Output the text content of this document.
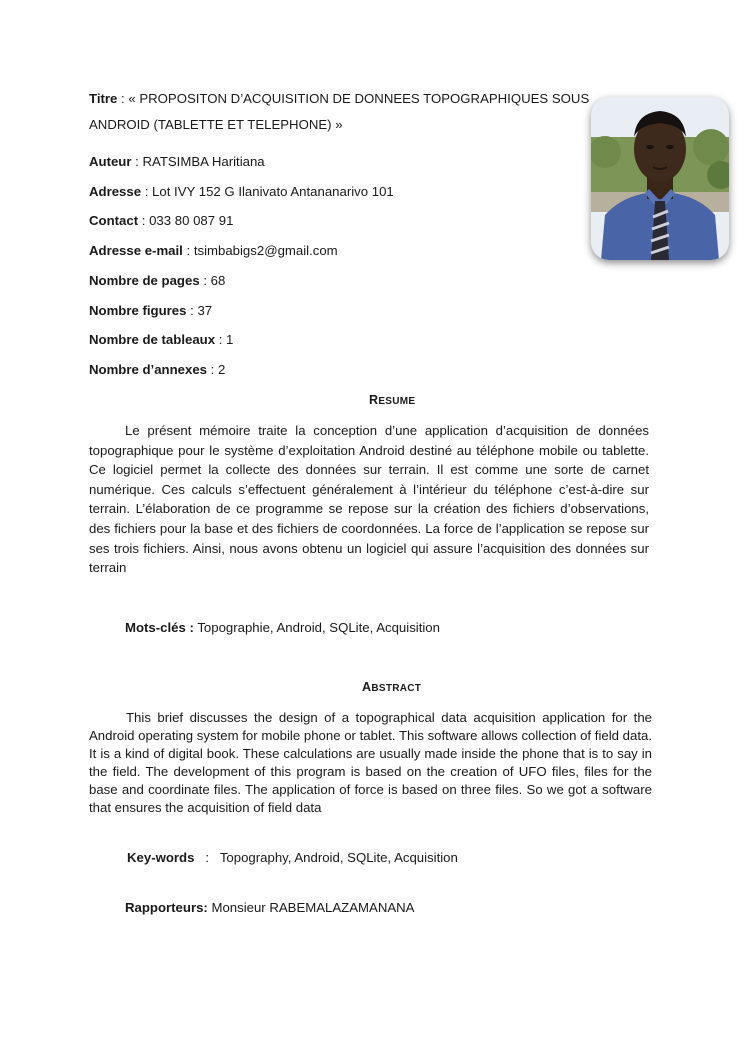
Titre : « PROPOSITON D’ACQUISITION DE DONNEES TOPOGRAPHIQUES SOUS
ANDROID (TABLETTE ET TELEPHONE) »
Auteur : RATSIMBA Haritiana
Adresse : Lot IVY 152 G Ilanivato Antananarivo 101
Contact : 033 80 087 91
Adresse e-mail : tsimbabigs2@gmail.com
Nombre de pages : 68
Nombre figures : 37
Nombre de tableaux : 1
Nombre d’annexes : 2
RESUME
Le présent mémoire traite la conception d’une application d’acquisition de données topographique pour le système d’exploitation Android destiné au téléphone mobile ou tablette. Ce logiciel permet la collecte des données sur terrain. Il est comme une sorte de carnet numérique. Ces calculs s’effectuent généralement à l’intérieur du téléphone c’est-à-dire sur terrain. L’élaboration de ce programme se repose sur la création des fichiers d’observations, des fichiers pour la base et des fichiers de coordonnées. La force de l’application se repose sur ses trois fichiers. Ainsi, nous avons obtenu un logiciel qui assure l’acquisition des données sur terrain
Mots-clés : Topographie, Android, SQLite, Acquisition
ABSTRACT
This brief discusses the design of a topographical data acquisition application for the Android operating system for mobile phone or tablet. This software allows collection of field data. It is a kind of digital book. These calculations are usually made inside the phone that is to say in the field. The development of this program is based on the creation of UFO files, files for the base and coordinate files. The application of force is based on three files. So we got a software that ensures the acquisition of field data
Key-words   :   Topography, Android, SQLite, Acquisition
Rapporteurs: Monsieur RABEMALAZAMANANA
